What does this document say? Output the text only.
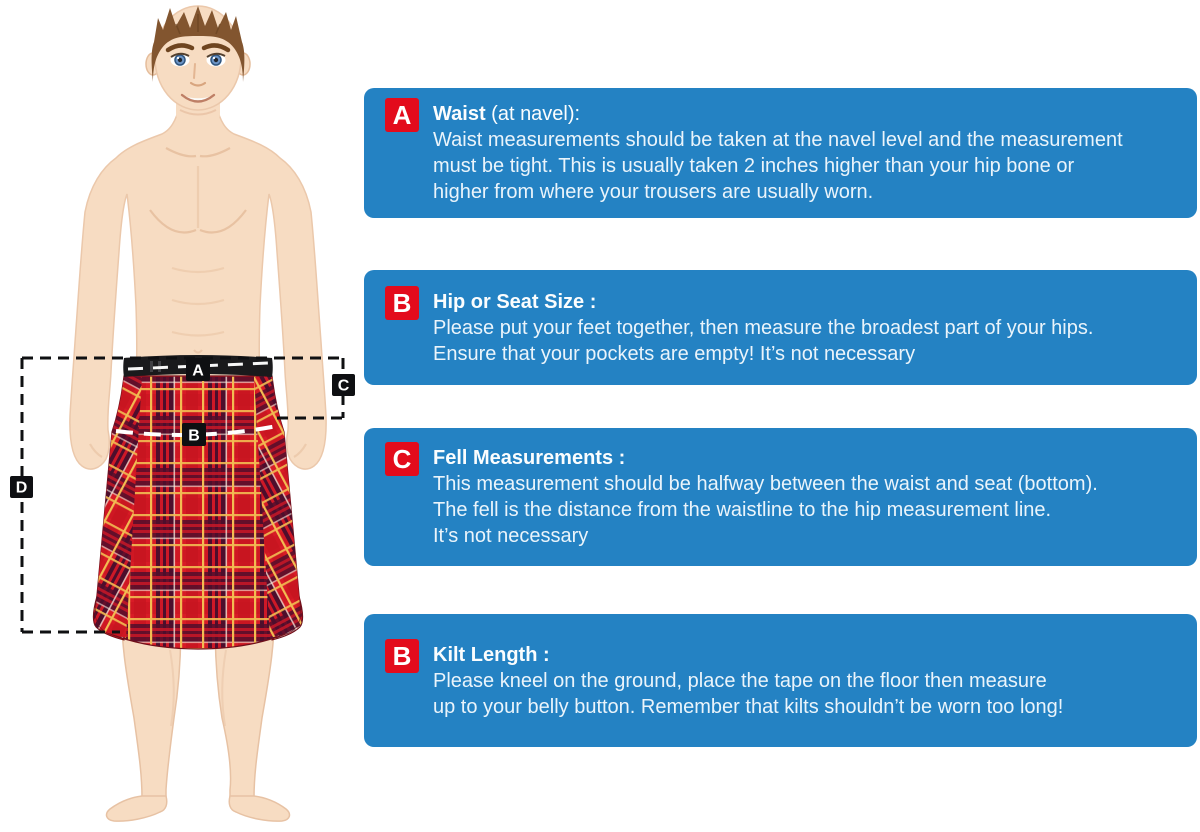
A
B
C
D
A	Waist (at navel):
Waist measurements should be taken at the navel level and the measurement
must be tight. This is usually taken 2 inches higher than your hip bone or
higher from where your trousers are usually worn.
B	Hip or Seat Size :
Please put your feet together, then measure the broadest part of your hips.
Ensure that your pockets are empty! It’s not necessary
C	Fell Measurements :
This measurement should be halfway between the waist and seat (bottom).
The fell is the distance from the waistline to the hip measurement line.
It’s not necessary
B	Kilt Length :
Please kneel on the ground, place the tape on the floor then measure
up to your belly button. Remember that kilts shouldn’t be worn too long!
